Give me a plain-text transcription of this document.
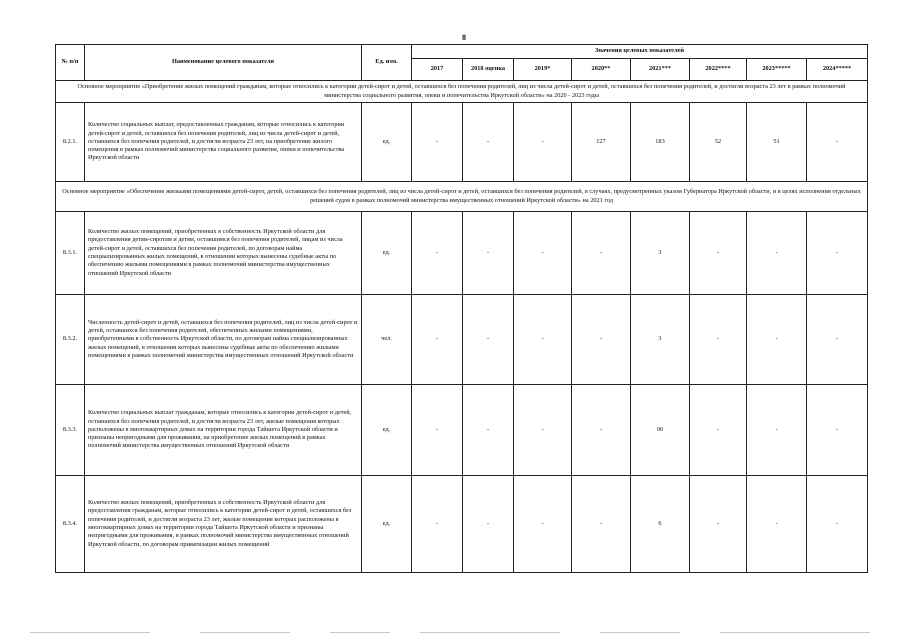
8
№ п/п	Наименование целевого показателя	Ед. изм.	Значения целевых показателей							
			2017	2018 оценка	2019*	2020**	2021***	2022****	2023*****	2024*****
Основное мероприятие «Приобретение жилых помещений гражданам, которые относились к категории детей-сирот и детей, оставшихся без попечения родителей, лиц из числа детей-сирот и детей, оставшихся без попечения родителей, и достигли возраста 23 лет в рамках полномочий министерства социального развития, опеки и попечительства Иркутской области» на 2020 - 2023 годы										
8.2.1.	Количество социальных выплат, предоставленных гражданам, которые относились к категории детей-сирот и детей, оставшихся без попечения родителей, лиц из числа детей-сирот и детей, оставшихся без попечения родителей, и достигли возраста 23 лет, на приобретение жилого помещения в рамках полномочий министерства социального развития, опеки и попечительства Иркутской области	ед.	-	-	-	127	183	52	51	-
Основное мероприятие «Обеспечение жильыми помещениями детей-сирот, детей, оставшихся без попечения родителей, лиц из числа детей-сирот и детей, оставшихся без попечения родителей, в случаях, предусмотренных указом Губернатора Иркутской области, и в целях исполнения отдельных решений судов в рамках полномочий министерства имущественных отношений Иркутской области» на 2021 год										
8.3.1.	Количество жилых помещений, приобретенных в собственность Иркутской области для предоставления детям-сиротам и детям, оставшимся без попечения родителей, лицам из числа детей-сирот и детей, оставшихся без попечения родителей, по договорам найма специализированных жилых помещений, в отношении которых вынесены судебные акты по обеспечению жилыми помещениями в рамках полномочий министерства имущественных отношений Иркутской области	ед.	-	-	-	-	3	-	-	-
8.3.2.	Численность детей-сирот и детей, оставшихся без попечения родителей, лиц из числа детей-сирот и детей, оставшихся без попечения родителей, обеспеченных жилыми помещениями, приобретенными в собственность Иркутской области, по договорам найма специализированных жилых помещений, в отношении которых вынесены судебные акты по обеспечению жилыми помещениями в рамках полномочий министерства имущественных отношений Иркутской области	чел.	-	-	-	-	3	-	-	-
8.3.3.	Количество социальных выплат гражданам, которые относились к категории детей-сирот и детей, оставшихся без попечения родителей, и достигли возраста 23 лет, жилые помещения которых расположены в многоквартирных домах на территории города Тайшета Иркутской области и признаны непригодными для проживания, на приобретение жилых помещений в рамках полномочий министерства имущественных отношений Иркутской области	ед.	-	-	-	-	90	-	-	-
8.3.4.	Количество жилых помещений, приобретенных в собственность Иркутской области для предоставления гражданам, которые относились к категории детей-сирот и детей, оставшихся без попечения родителей, и достигли возраста 23 лет, жилые помещения которых расположены в многоквартирных домах на территории города Тайшета Иркутской области и признаны непригодными для проживания, в рамках полномочий министерства имущественных отношений Иркутской области, по договорам приватизации жилых помещений	ед.	-	-	-	-	6	-	-	-
